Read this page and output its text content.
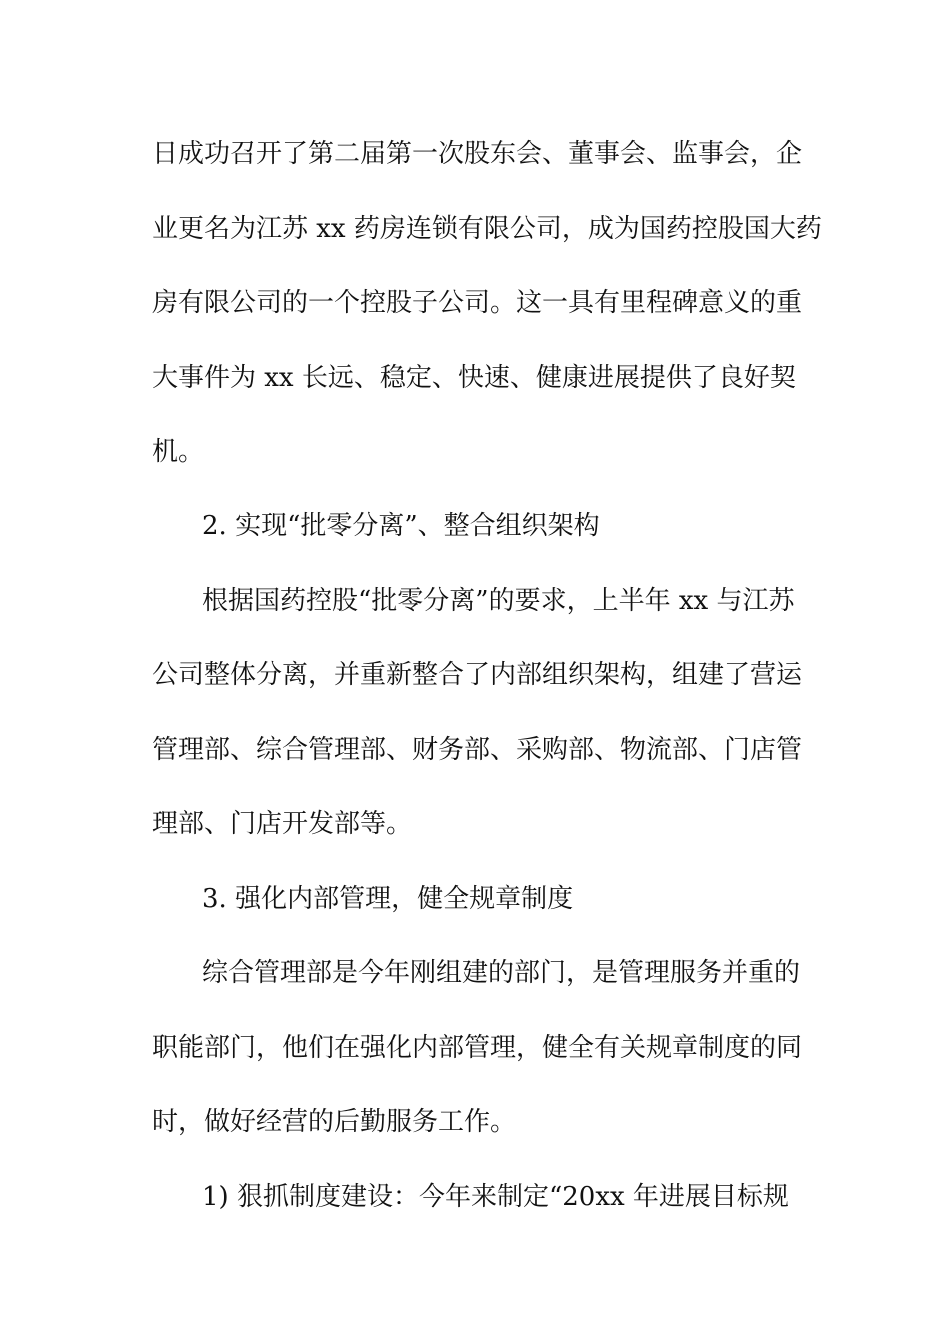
日成功召开了第二届第一次股东会、董事会、监事会，企
业更名为江苏 xx 药房连锁有限公司，成为国药控股国大药
房有限公司的一个控股子公司。这一具有里程碑意义的重
大事件为 xx 长远、稳定、快速、健康进展提供了良好契
机。
2. 实现“批零分离”、整合组织架构
根据国药控股“批零分离”的要求，上半年 xx 与江苏
公司整体分离，并重新整合了内部组织架构，组建了营运
管理部、综合管理部、财务部、采购部、物流部、门店管
理部、门店开发部等。
3. 强化内部管理，健全规章制度
综合管理部是今年刚组建的部门，是管理服务并重的
职能部门，他们在强化内部管理，健全有关规章制度的同
时，做好经营的后勤服务工作。
1) 狠抓制度建设：今年来制定“20xx 年进展目标规
